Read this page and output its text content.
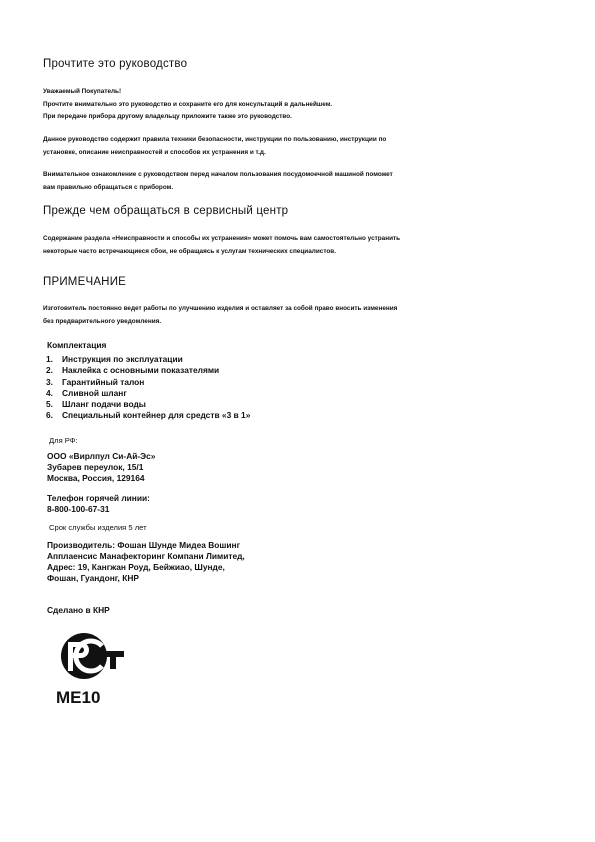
Прочтите это руководство
Уважаемый Покупатель!
Прочтите внимательно это руководство и сохраните его для консультаций в дальнейшем.
При передаче прибора другому владельцу приложите также это руководство.
Данное руководство содержит правила техники безопасности, инструкции по пользованию, инструкции по
установке, описание неисправностей и способов их устранения и т.д.
Внимательное ознакомление с руководством перед началом пользования посудомоечной машиной поможет
вам правильно обращаться с прибором.
Прежде чем обращаться в сервисный центр
Содержание раздела «Неисправности и способы их устранения» может помочь вам самостоятельно устранить
некоторые часто встречающиеся сбои, не обращаясь к услугам технических специалистов.
ПРИМЕЧАНИЕ
Изготовитель постоянно ведет работы по улучшению изделия и оставляет за собой право вносить изменения
без предварительного уведомления.
Комплектация
1. Инструкция по эксплуатации
2. Наклейка с основными показателями
3. Гарантийный талон
4. Сливной шланг
5. Шланг подачи воды
6. Специальный контейнер для средств «3 в 1»
Для РФ:
ООО «Вирлпул Си-Ай-Эс»
Зубарев переулок, 15/1
Москва, Россия, 129164
Телефон горячей линии:
8-800-100-67-31
Срок службы изделия 5 лет
Производитель: Фошан Шунде Мидеа Вошинг
Апплаенсис Манафекторинг Компани Лимитед,
Адрес: 19, Кангжан Роуд, Бейжиао, Шунде,
Фошан, Гуандонг, КНР
Сделано в КНР
МЕ10
